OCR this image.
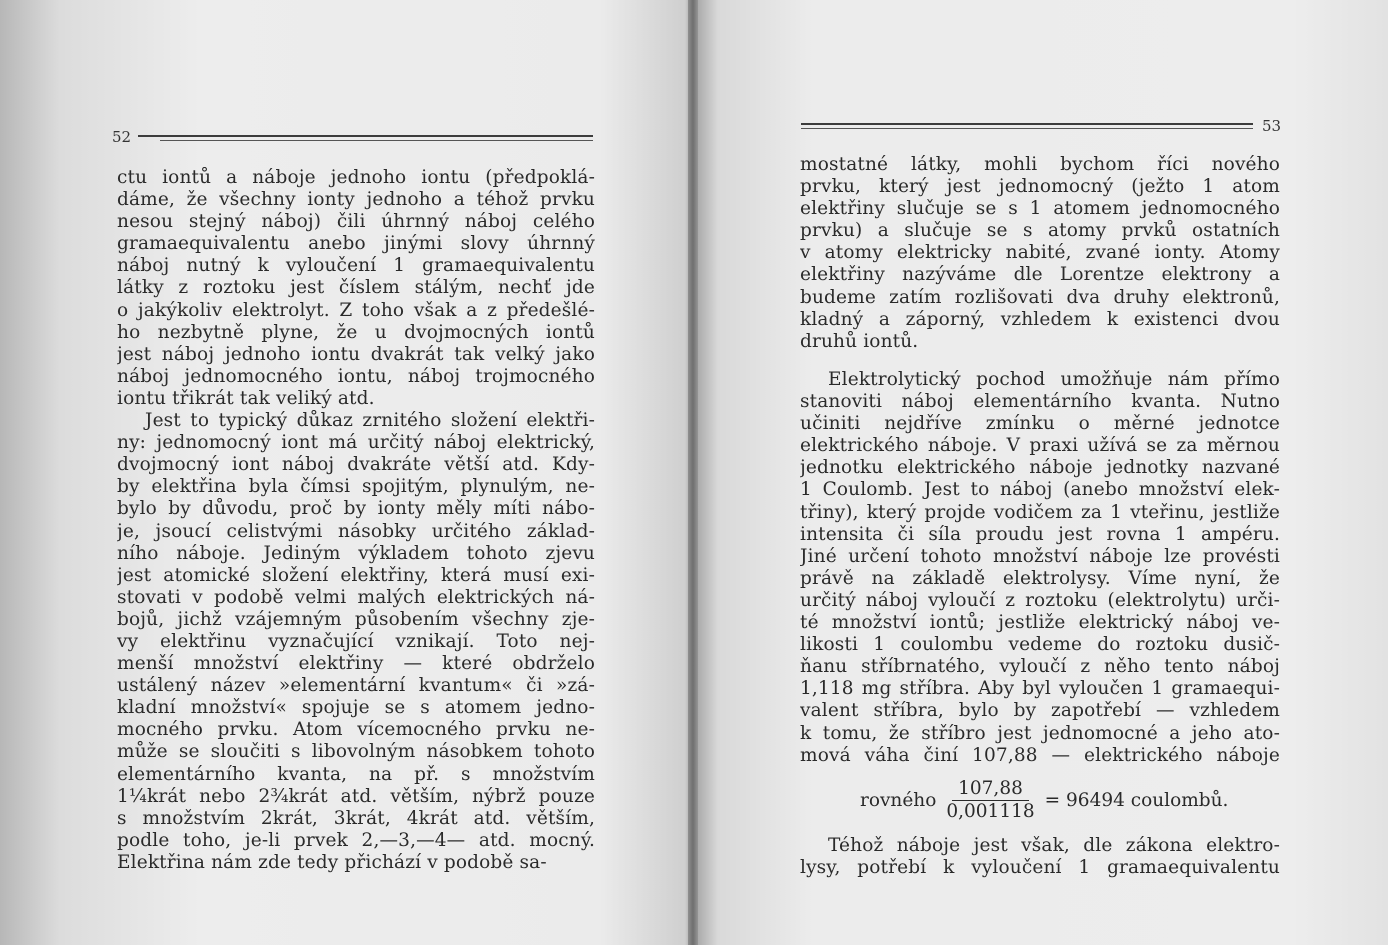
52
ctu iontů a náboje jednoho iontu (předpoklá-
dáme, že všechny ionty jednoho a téhož prvku
nesou stejný náboj) čili úhrnný náboj celého
gramaequivalentu anebo jinými slovy úhrnný
náboj nutný k vyloučení 1 gramaequivalentu
látky z roztoku jest číslem stálým, nechť jde
o jakýkoliv elektrolyt. Z toho však a z předešlé-
ho nezbytně plyne, že u dvojmocných iontů
jest náboj jednoho iontu dvakrát tak velký jako
náboj jednomocného iontu, náboj trojmocného
iontu třikrát tak veliký atd.
Jest to typický důkaz zrnitého složení elektři-
ny: jednomocný iont má určitý náboj elektrický,
dvojmocný iont náboj dvakráte větší atd. Kdy-
by elektřina byla čímsi spojitým, plynulým, ne-
bylo by důvodu, proč by ionty měly míti nábo-
je, jsoucí celistvými násobky určitého základ-
ního náboje. Jediným výkladem tohoto zjevu
jest atomické složení elektřiny, která musí exi-
stovati v podobě velmi malých elektrických ná-
bojů, jichž vzájemným působením všechny zje-
vy elektřinu vyznačující vznikají. Toto nej-
menší množství elektřiny — které obdrželo
ustálený název »elementární kvantum« či »zá-
kladní množství« spojuje se s atomem jedno-
mocného prvku. Atom vícemocného prvku ne-
může se sloučiti s libovolným násobkem tohoto
elementárního kvanta, na př. s množstvím
1¼krát nebo 2¾krát atd. větším, nýbrž pouze
s množstvím 2krát, 3krát, 4krát atd. větším,
podle toho, je-li prvek 2,—3,—4— atd. mocný.
Elektřina nám zde tedy přichází v podobě sa-
53
mostatné látky, mohli bychom říci nového
prvku, který jest jednomocný (ježto 1 atom
elektřiny slučuje se s 1 atomem jednomocného
prvku) a slučuje se s atomy prvků ostatních
v atomy elektricky nabité, zvané ionty. Atomy
elektřiny nazýváme dle Lorentze elektrony a
budeme zatím rozlišovati dva druhy elektronů,
kladný a záporný, vzhledem k existenci dvou
druhů iontů.
Elektrolytický pochod umožňuje nám přímo
stanoviti náboj elementárního kvanta. Nutno
učiniti nejdříve zmínku o měrné jednotce
elektrického náboje. V praxi užívá se za měrnou
jednotku elektrického náboje jednotky nazvané
1 Coulomb. Jest to náboj (anebo množství elek-
třiny), který projde vodičem za 1 vteřinu, jestliže
intensita či síla proudu jest rovna 1 ampéru.
Jiné určení tohoto množství náboje lze provésti
právě na základě elektrolysy. Víme nyní, že
určitý náboj vyloučí z roztoku (elektrolytu) urči-
té množství iontů; jestliže elektrický náboj ve-
likosti 1 coulombu vedeme do roztoku dusič-
ňanu stříbrnatého, vyloučí z něho tento náboj
1,118 mg stříbra. Aby byl vyloučen 1 gramaequi-
valent stříbra, bylo by zapotřebí — vzhledem
k tomu, že stříbro jest jednomocné a jeho ato-
mová váha činí 107,88 — elektrického náboje
rovného $\frac{107,88}{0,001118} = 96494$ coulombů.
Téhož náboje jest však, dle zákona elektro-
lysy, potřebí k vyloučení 1 gramaequivalentu
